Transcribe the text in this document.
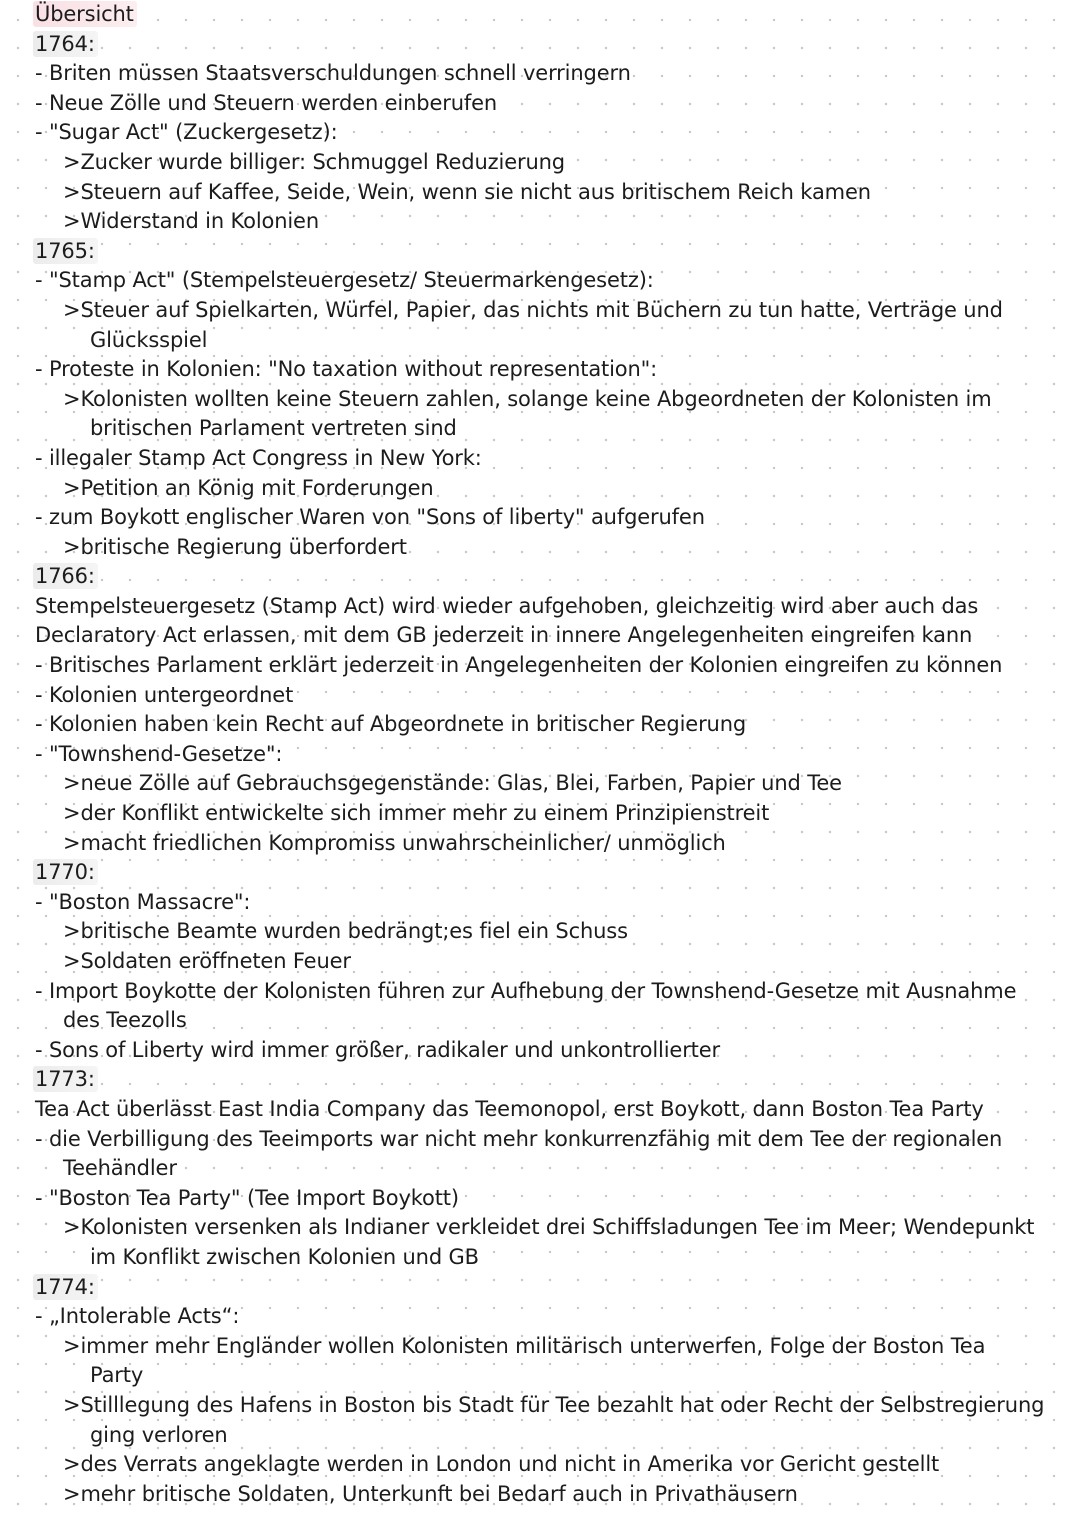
Übersicht
1764:
- Briten müssen Staatsverschuldungen schnell verringern
- Neue Zölle und Steuern werden einberufen
- "Sugar Act" (Zuckergesetz):
>Zucker wurde billiger: Schmuggel Reduzierung
>Steuern auf Kaffee, Seide, Wein, wenn sie nicht aus britischem Reich kamen
>Widerstand in Kolonien
1765:
- "Stamp Act" (Stempelsteuergesetz/ Steuermarkengesetz):
>Steuer auf Spielkarten, Würfel, Papier, das nichts mit Büchern zu tun hatte, Verträge und
Glücksspiel
- Proteste in Kolonien: "No taxation without representation":
>Kolonisten wollten keine Steuern zahlen, solange keine Abgeordneten der Kolonisten im
britischen Parlament vertreten sind
- illegaler Stamp Act Congress in New York:
>Petition an König mit Forderungen
- zum Boykott englischer Waren von "Sons of liberty" aufgerufen
>britische Regierung überfordert
1766:
Stempelsteuergesetz (Stamp Act) wird wieder aufgehoben, gleichzeitig wird aber auch das
Declaratory Act erlassen, mit dem GB jederzeit in innere Angelegenheiten eingreifen kann
- Britisches Parlament erklärt jederzeit in Angelegenheiten der Kolonien eingreifen zu können
- Kolonien untergeordnet
- Kolonien haben kein Recht auf Abgeordnete in britischer Regierung
- "Townshend-Gesetze":
>neue Zölle auf Gebrauchsgegenstände: Glas, Blei, Farben, Papier und Tee
>der Konflikt entwickelte sich immer mehr zu einem Prinzipienstreit
>macht friedlichen Kompromiss unwahrscheinlicher/ unmöglich
1770:
- "Boston Massacre":
>britische Beamte wurden bedrängt;es fiel ein Schuss
>Soldaten eröffneten Feuer
- Import Boykotte der Kolonisten führen zur Aufhebung der Townshend-Gesetze mit Ausnahme
des Teezolls
- Sons of Liberty wird immer größer, radikaler und unkontrollierter
1773:
Tea Act überlässt East India Company das Teemonopol, erst Boykott, dann Boston Tea Party
- die Verbilligung des Teeimports war nicht mehr konkurrenzfähig mit dem Tee der regionalen
Teehändler
- "Boston Tea Party" (Tee Import Boykott)
>Kolonisten versenken als Indianer verkleidet drei Schiffsladungen Tee im Meer; Wendepunkt
im Konflikt zwischen Kolonien und GB
1774:
- „Intolerable Acts“:
>immer mehr Engländer wollen Kolonisten militärisch unterwerfen, Folge der Boston Tea
Party
>Stilllegung des Hafens in Boston bis Stadt für Tee bezahlt hat oder Recht der Selbstregierung
ging verloren
>des Verrats angeklagte werden in London und nicht in Amerika vor Gericht gestellt
>mehr britische Soldaten, Unterkunft bei Bedarf auch in Privathäusern
